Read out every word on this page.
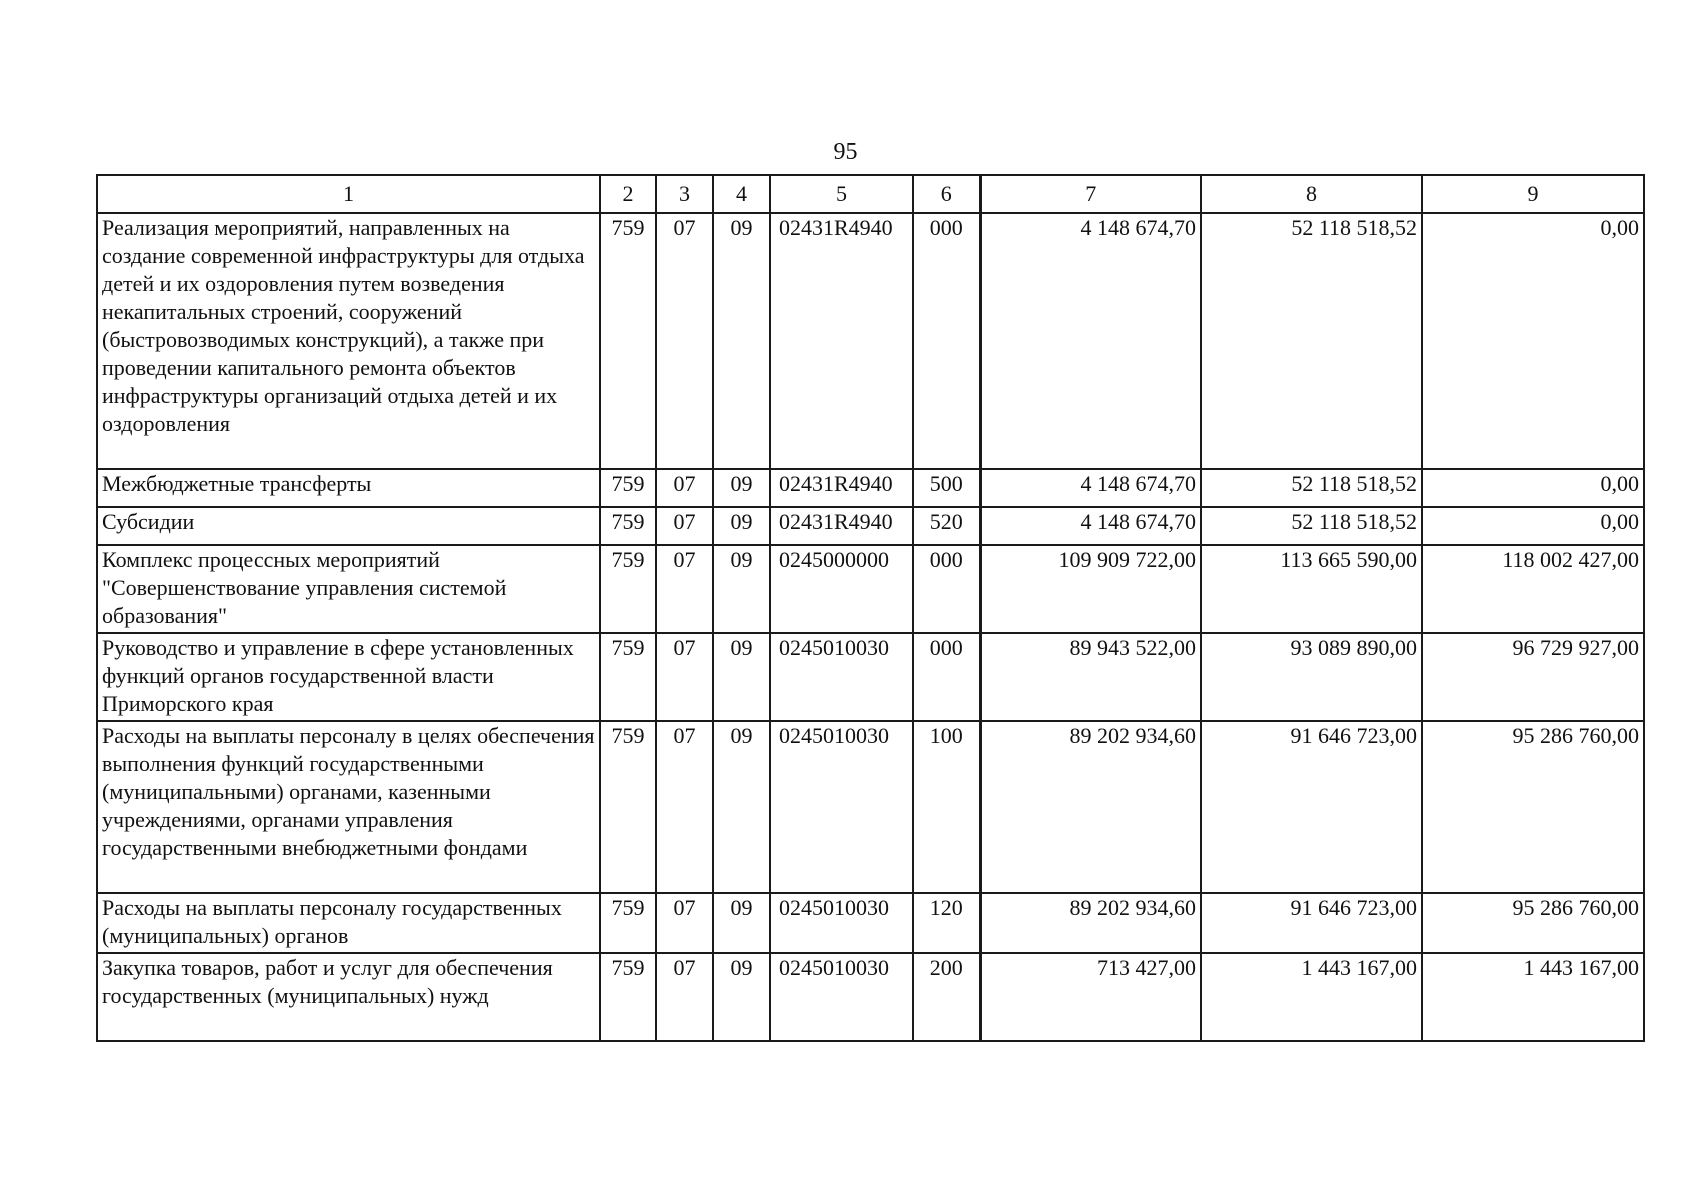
95
1	2	3	4	5	6	7	8	9
Реализация мероприятий, направленных на создание современной инфраструктуры для отдыха детей и их оздоровления путем возведения некапитальных строений, сооружений (быстровозводимых конструкций), а также при проведении капитального ремонта объектов инфраструктуры организаций отдыха детей и их оздоровления	759	07	09	02431R4940	000	4 148 674,70	52 118 518,52	0,00
Межбюджетные трансферты	759	07	09	02431R4940	500	4 148 674,70	52 118 518,52	0,00
Субсидии	759	07	09	02431R4940	520	4 148 674,70	52 118 518,52	0,00
Комплекс процессных мероприятий "Совершенствование управления системой образования"	759	07	09	0245000000	000	109 909 722,00	113 665 590,00	118 002 427,00
Руководство и управление в сфере установленных функций органов государственной власти Приморского края	759	07	09	0245010030	000	89 943 522,00	93 089 890,00	96 729 927,00
Расходы на выплаты персоналу в целях обеспечения выполнения функций государственными (муниципальными) органами, казенными учреждениями, органами управления государственными внебюджетными фондами	759	07	09	0245010030	100	89 202 934,60	91 646 723,00	95 286 760,00
Расходы на выплаты персоналу государственных (муниципальных) органов	759	07	09	0245010030	120	89 202 934,60	91 646 723,00	95 286 760,00
Закупка товаров, работ и услуг для обеспечения государственных (муниципальных) нужд	759	07	09	0245010030	200	713 427,00	1 443 167,00	1 443 167,00
